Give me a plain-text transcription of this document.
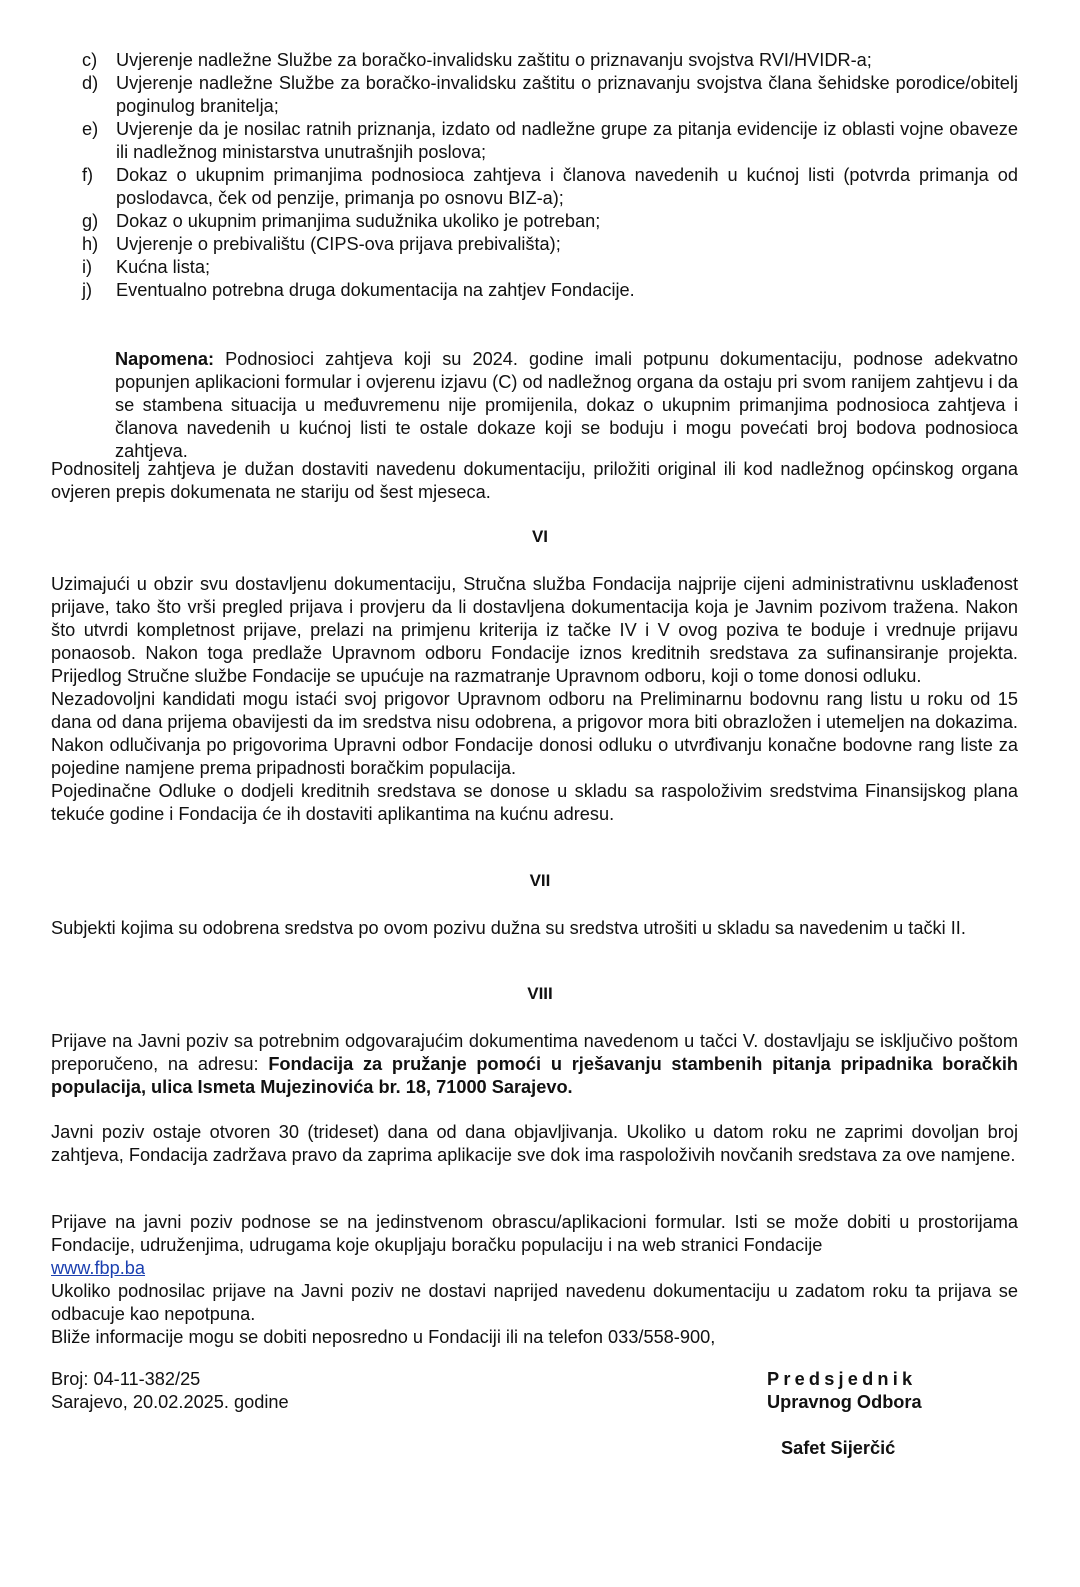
c) Uvjerenje nadležne Službe za boračko-invalidsku zaštitu o priznavanju svojstva RVI/HVIDR-a;
d) Uvjerenje nadležne Službe za boračko-invalidsku zaštitu o priznavanju svojstva člana šehidske porodice/obitelj poginulog branitelja;
e) Uvjerenje da je nosilac ratnih priznanja, izdato od nadležne grupe za pitanja evidencije iz oblasti vojne obaveze ili nadležnog ministarstva unutrašnjih poslova;
f) Dokaz o ukupnim primanjima podnosioca zahtjeva i članova navedenih u kućnoj listi (potvrda primanja od poslodavca, ček od penzije, primanja po osnovu BIZ-a);
g) Dokaz o ukupnim primanjima sudužnika ukoliko je potreban;
h) Uvjerenje o prebivalištu (CIPS-ova prijava prebivališta);
i) Kućna lista;
j) Eventualno potrebna druga dokumentacija na zahtjev Fondacije.

Napomena: Podnosioci zahtjeva koji su 2024. godine imali potpunu dokumentaciju, podnose adekvatno popunjen aplikacioni formular i ovjerenu izjavu (C) od nadležnog organa da ostaju pri svom ranijem zahtjevu i da se stambena situacija u međuvremenu nije promijenila, dokaz o ukupnim primanjima podnosioca zahtjeva i članova navedenih u kućnoj listi te ostale dokaze koji se boduju i mogu povećati broj bodova podnosioca zahtjeva.

Podnositelj zahtjeva je dužan dostaviti navedenu dokumentaciju, priložiti original ili kod nadležnog općinskog organa ovjeren prepis dokumenata ne stariju od šest mjeseca.

VI

Uzimajući u obzir svu dostavljenu dokumentaciju, Stručna služba Fondacija najprije cijeni administrativnu usklađenost prijave, tako što vrši pregled prijava i provjeru da li dostavljena dokumentacija koja je Javnim pozivom tražena. Nakon što utvrdi kompletnost prijave, prelazi na primjenu kriterija iz tačke IV i V ovog poziva te boduje i vrednuje prijavu ponaosob. Nakon toga predlaže Upravnom odboru Fondacije iznos kreditnih sredstava za sufinansiranje projekta. Prijedlog Stručne službe Fondacije se upućuje na razmatranje Upravnom odboru, koji o tome donosi odluku.

Nezadovoljni kandidati mogu istaći svoj prigovor Upravnom odboru na Preliminarnu bodovnu rang listu u roku od 15 dana od dana prijema obavijesti da im sredstva nisu odobrena, a prigovor mora biti obrazložen i utemeljen na dokazima. Nakon odlučivanja po prigovorima Upravni odbor Fondacije donosi odluku o utvrđivanju konačne bodovne rang liste za pojedine namjene prema pripadnosti boračkim populacija.

Pojedinačne Odluke o dodjeli kreditnih sredstava se donose u skladu sa raspoloživim sredstvima Finansijskog plana tekuće godine i Fondacija će ih dostaviti aplikantima na kućnu adresu.

VII

Subjekti kojima su odobrena sredstva po ovom pozivu dužna su sredstva utrošiti u skladu sa navedenim u tački II.

VIII

Prijave na Javni poziv sa potrebnim odgovarajućim dokumentima navedenom u tačci V. dostavljaju se isključivo poštom preporučeno, na adresu: Fondacija za pružanje pomoći u rješavanju stambenih pitanja pripadnika boračkih populacija, ulica Ismeta Mujezinovića br. 18, 71000 Sarajevo.

Javni poziv ostaje otvoren 30 (trideset) dana od dana objavljivanja. Ukoliko u datom roku ne zaprimi dovoljan broj zahtjeva, Fondacija zadržava pravo da zaprima aplikacije sve dok ima raspoloživih novčanih sredstava za ove namjene.

Prijave na javni poziv podnose se na jedinstvenom obrascu/aplikacioni formular. Isti se može dobiti u prostorijama Fondacije, udruženjima, udrugama koje okupljaju boračku populaciju i na web stranici Fondacije
www.fbp.ba

Ukoliko podnosilac prijave na Javni poziv ne dostavi naprijed navedenu dokumentaciju u zadatom roku ta prijava se odbacuje kao nepotpuna.

Bliže informacije mogu se dobiti neposredno u Fondaciji ili na telefon 033/558-900,

Broj: 04-11-382/25
Sarajevo, 20.02.2025. godine
Predsjednik
Upravnog Odbora
Safet Sijerčić
